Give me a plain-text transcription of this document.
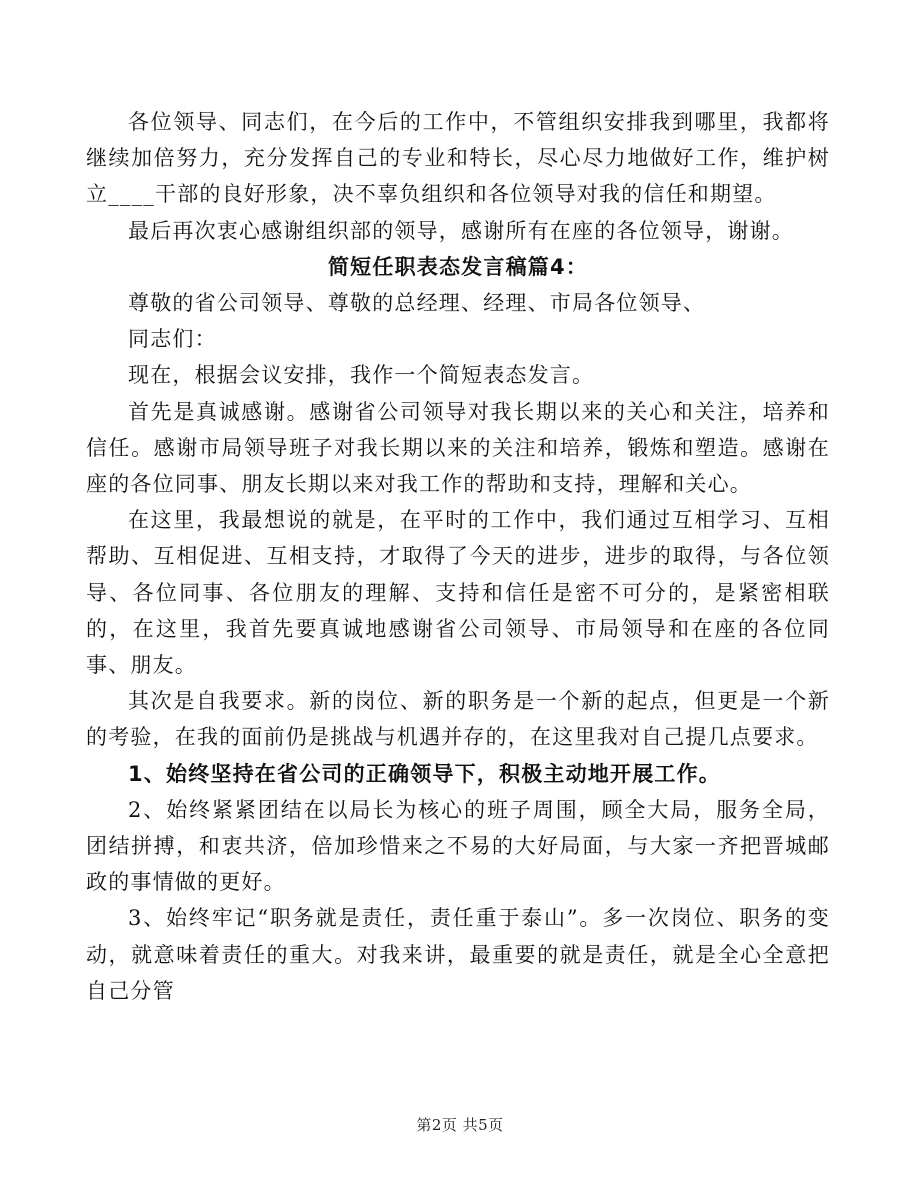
各位领导、同志们，在今后的工作中，不管组织安排我到哪里，我都将继续加倍努力，充分发挥自己的专业和特长，尽心尽力地做好工作，维护树立____干部的良好形象，决不辜负组织和各位领导对我的信任和期望。

最后再次衷心感谢组织部的领导，感谢所有在座的各位领导，谢谢。

简短任职表态发言稿篇4：

尊敬的省公司领导、尊敬的总经理、经理、市局各位领导、

同志们：

现在，根据会议安排，我作一个简短表态发言。

首先是真诚感谢。感谢省公司领导对我长期以来的关心和关注，培养和信任。感谢市局领导班子对我长期以来的关注和培养，锻炼和塑造。感谢在座的各位同事、朋友长期以来对我工作的帮助和支持，理解和关心。

在这里，我最想说的就是，在平时的工作中，我们通过互相学习、互相帮助、互相促进、互相支持，才取得了今天的进步，进步的取得，与各位领导、各位同事、各位朋友的理解、支持和信任是密不可分的，是紧密相联的，在这里，我首先要真诚地感谢省公司领导、市局领导和在座的各位同事、朋友。

其次是自我要求。新的岗位、新的职务是一个新的起点，但更是一个新的考验，在我的面前仍是挑战与机遇并存的，在这里我对自己提几点要求。

1、始终坚持在省公司的正确领导下，积极主动地开展工作。

2、始终紧紧团结在以局长为核心的班子周围，顾全大局，服务全局，团结拼搏，和衷共济，倍加珍惜来之不易的大好局面，与大家一齐把晋城邮政的事情做的更好。

3、始终牢记“职务就是责任，责任重于泰山”。多一次岗位、职务的变动，就意味着责任的重大。对我来讲，最重要的就是责任，就是全心全意把自己分管

第2页 共5页
